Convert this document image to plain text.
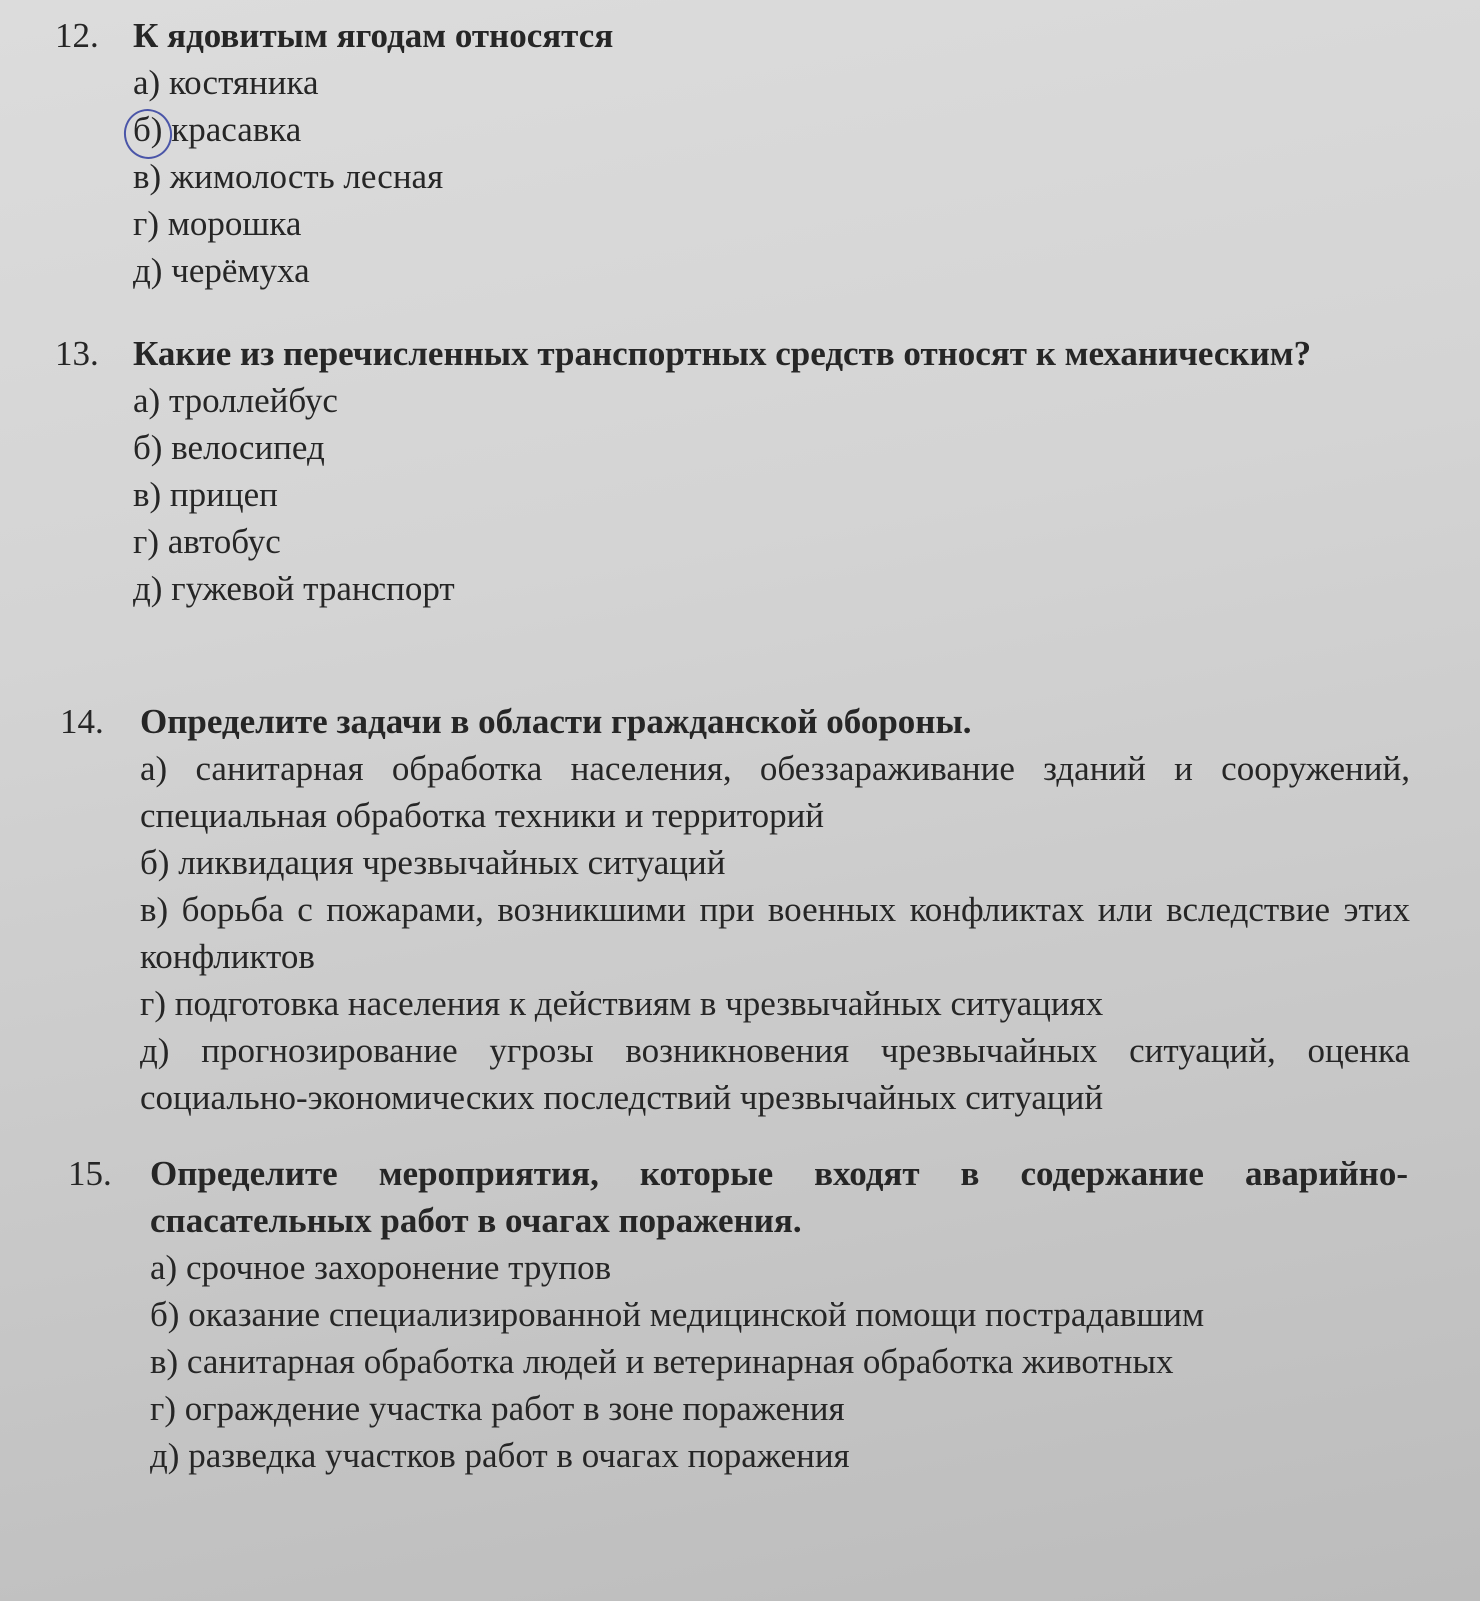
12. К ядовитым ягодам относятся
а) костяника
б) красавка
в) жимолость лесная
г) морошка
д) черёмуха
13. Какие из перечисленных транспортных средств относят к механическим?
а) троллейбус
б) велосипед
в) прицеп
г) автобус
д) гужевой транспорт
14. Определите задачи в области гражданской обороны.
а) санитарная обработка населения, обеззараживание зданий и сооружений, специальная обработка техники и территорий
б) ликвидация чрезвычайных ситуаций
в) борьба с пожарами, возникшими при военных конфликтах или вследствие этих конфликтов
г) подготовка населения к действиям в чрезвычайных ситуациях
д) прогнозирование угрозы возникновения чрезвычайных ситуаций, оценка социально-экономических последствий чрезвычайных ситуаций
15. Определите мероприятия, которые входят в содержание аварийно-спасательных работ в очагах поражения.
а) срочное захоронение трупов
б) оказание специализированной медицинской помощи пострадавшим
в) санитарная обработка людей и ветеринарная обработка животных
г) ограждение участка работ в зоне поражения
д) разведка участков работ в очагах поражения
